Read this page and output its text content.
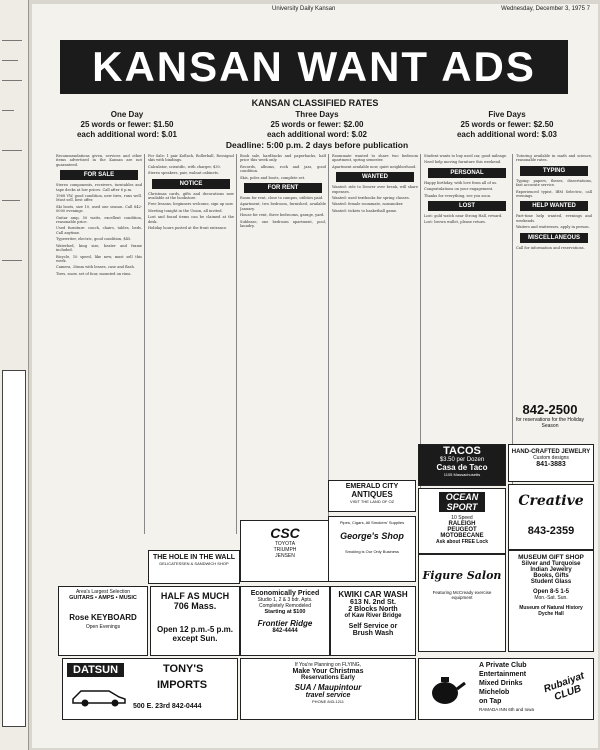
University Daily Kansan	Wednesday, December 3, 1975 7
KANSAN WANT ADS
KANSAN CLASSIFIED RATES
One Day
25 words or fewer: $1.50
each additional word: $.01
Three Days
25 words or fewer: $2.00
each additional word: $.02
Deadline: 5:00 p.m. 2 days before publication
Five Days
25 words or fewer: $2.50
each additional word: $.03

Recommendations given, services and other items advertised in the Kansan are not guaranteed.

FOR SALE

Stereo components, receivers, turntables and tape decks at low prices. Call after 6 p.m.

1968 VW, good condition, new tires, runs well. Must sell, best offer.

Ski boots, size 10, used one season. Call 842-0000 evenings.

Guitar amp, 50 watts, excellent condition, reasonable price.

Used furniture: couch, chairs, tables, beds. Call anytime.

Typewriter, electric, good condition, $45.

Waterbed, king size, heater and frame included.

Bicycle, 10 speed, like new, must sell this week.

Camera, 35mm with lenses, case and flash.

Tires, snow, set of four, mounted on rims.

For Sale: 1 pair Koflach, Rollerball, Rossignol skis with bindings.

Calculator, scientific, with charger, $30.

Stereo speakers, pair, walnut cabinets.

NOTICE

Christmas cards, gifts and decorations now available at the bookstore.

Free lessons, beginners welcome, sign up now.

Meeting tonight in the Union, all invited.

Lost and found items can be claimed at the desk.

Holiday hours posted at the front entrance.

Book sale, hardbacks and paperbacks, half price this week only.

Records, albums, rock and jazz, good condition.

Skis, poles and boots, complete set.

FOR RENT

Room for rent, close to campus, utilities paid.

Apartment, two bedroom, furnished, available January.

House for rent, three bedrooms, garage, yard.

Sublease, one bedroom apartment, pool, laundry.

Roommate wanted to share two bedroom apartment, spring semester.

Apartment available now, quiet neighborhood.

WANTED

Wanted: ride to Denver over break, will share expenses.

Wanted: used textbooks for spring classes.

Wanted: female roommate, nonsmoker.

Wanted: tickets to basketball game.

Student wants to buy used car, good mileage.

Need help moving furniture this weekend.

PERSONAL

Happy birthday, with love from all of us.

Congratulations on your engagement.

Thanks for everything, see you soon.

LOST

Lost: gold watch near Strong Hall, reward.

Lost: brown wallet, please return.

Tutoring available in math and science, reasonable rates.

TYPING

Typing: papers, theses, dissertations, fast accurate service.

Experienced typist, IBM Selectric, call evenings.

HELP WANTED

Part-time help wanted, evenings and weekends.

Waiters and waitresses, apply in person.

MISCELLANEOUS

Call for information and reservations.

842-2500
for reservations for the Holiday Season
TACOS
$3.50 per Dozen
Casa de Taco
1105 Massachusetts
HAND-CRAFTED JEWELRY
Custom designs
841-3883
Creative
843-2359
OCEAN SPORT
10 Speed
RALEIGH
PEUGEOT
MOTOBECANE
Ask about FREE Lock
CSC
TOYOTA
TRIUMPH
JENSEN
EMERALD CITY
ANTIQUES
VISIT THE LAND OF OZ
Pipes, Cigars, All Smokers' Supplies
George's Shop
Smoking is Our Only Business
Figure Salon
Featuring McCready exercise equipment
MUSEUM GIFT SHOP
Silver and Turquoise
Indian Jewelry
Books, Gifts
Student Glass
Open 8-5 1-5
Mon.-Sat. Sun.
Museum of Natural History
Dyche Hall
THE HOLE IN THE WALL
DELICATESSEN & SANDWICH SHOP
Area's Largest Selection
GUITARS • AMPS • MUSIC
Rose KEYBOARD
Open Evenings
HALF AS MUCH
706 Mass.
Open 12 p.m.-5 p.m.
except Sun.
Economically Priced
Studio 1, 2 & 3 bdr. Apts.
Completely Remodeled
Starting at $100
Frontier Ridge
842-4444
KWIKI CAR WASH
613 N. 2nd St.
2 Blocks North
of Kaw River Bridge
Self Service or
Brush Wash
DATSUN	TONY'S
IMPORTS
500 E. 23rd 842-0444
If You're Planning on FLYING,
Make Your Christmas
Reservations Early
SUA / Maupintour
travel service
PHONE 843-1211
A Private Club
Entertainment
Mixed Drinks
Michelob
on Tap
RAMADA INN 6th and Iowa
Rubaiyat CLUB
